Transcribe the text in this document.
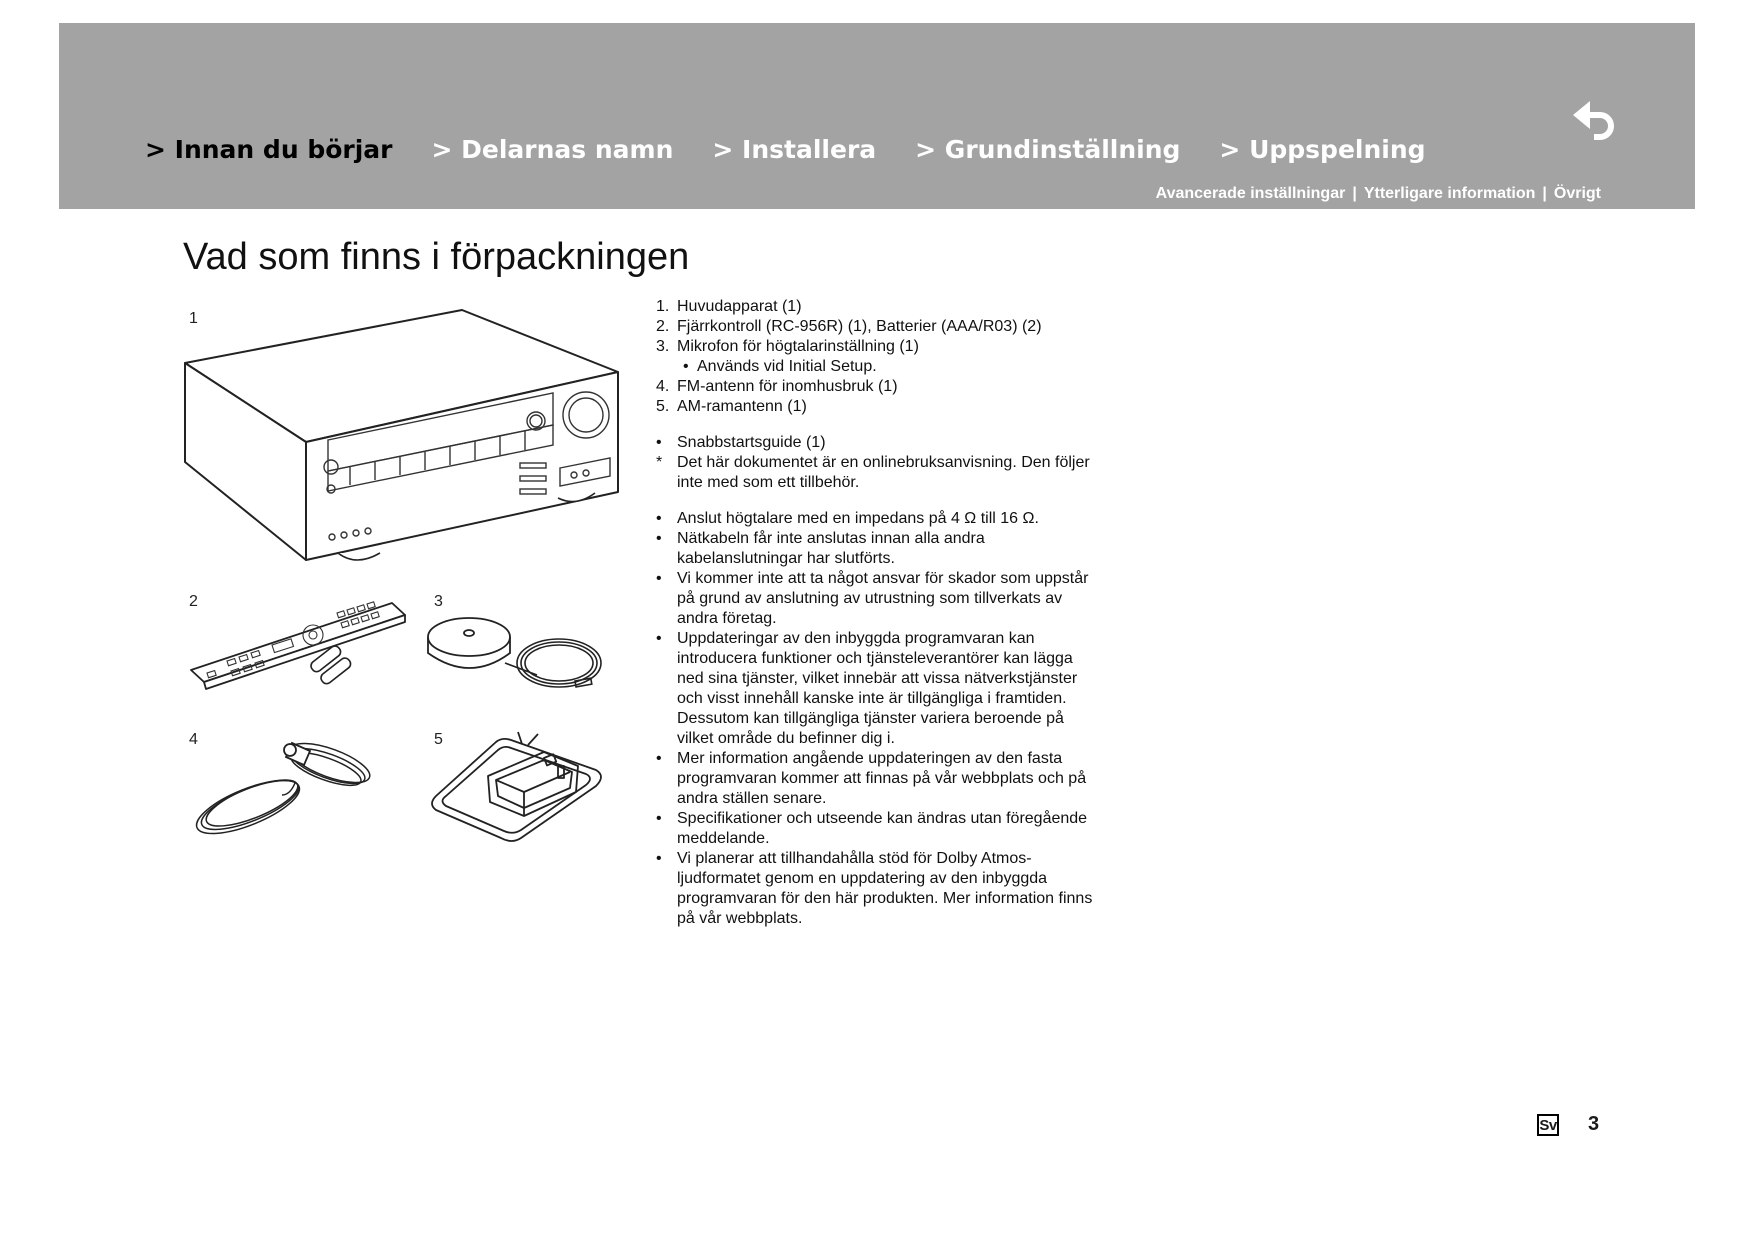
> Innan du börjar > Delarnas namn > Installera > Grundinställning > Uppspelning
Avancerade inställningar | Ytterligare information | Övrigt
Vad som finns i förpackningen
1
2	3
4	5
1. Huvudapparat (1)
2. Fjärrkontroll (RC-956R) (1), Batterier (AAA/R03) (2)
3. Mikrofon för högtalarinställning (1)
• Används vid Initial Setup.
4. FM-antenn för inomhusbruk (1)
5. AM-ramantenn (1)
• Snabbstartsguide (1)
* Det här dokumentet är en onlinebruksanvisning. Den följer inte med som ett tillbehör.
• Anslut högtalare med en impedans på 4 Ω till 16 Ω.
• Nätkabeln får inte anslutas innan alla andra kabelanslutningar har slutförts.
• Vi kommer inte att ta något ansvar för skador som uppstår på grund av anslutning av utrustning som tillverkats av andra företag.
• Uppdateringar av den inbyggda programvaran kan introducera funktioner och tjänsteleverantörer kan lägga ned sina tjänster, vilket innebär att vissa nätverkstjänster och visst innehåll kanske inte är tillgängliga i framtiden. Dessutom kan tillgängliga tjänster variera beroende på vilket område du befinner dig i.
• Mer information angående uppdateringen av den fasta programvaran kommer att finnas på vår webbplats och på andra ställen senare.
• Specifikationer och utseende kan ändras utan föregående meddelande.
• Vi planerar att tillhandahålla stöd för Dolby Atmos-ljudformatet genom en uppdatering av den inbyggda programvaran för den här produkten. Mer information finns på vår webbplats.
Sv 3
